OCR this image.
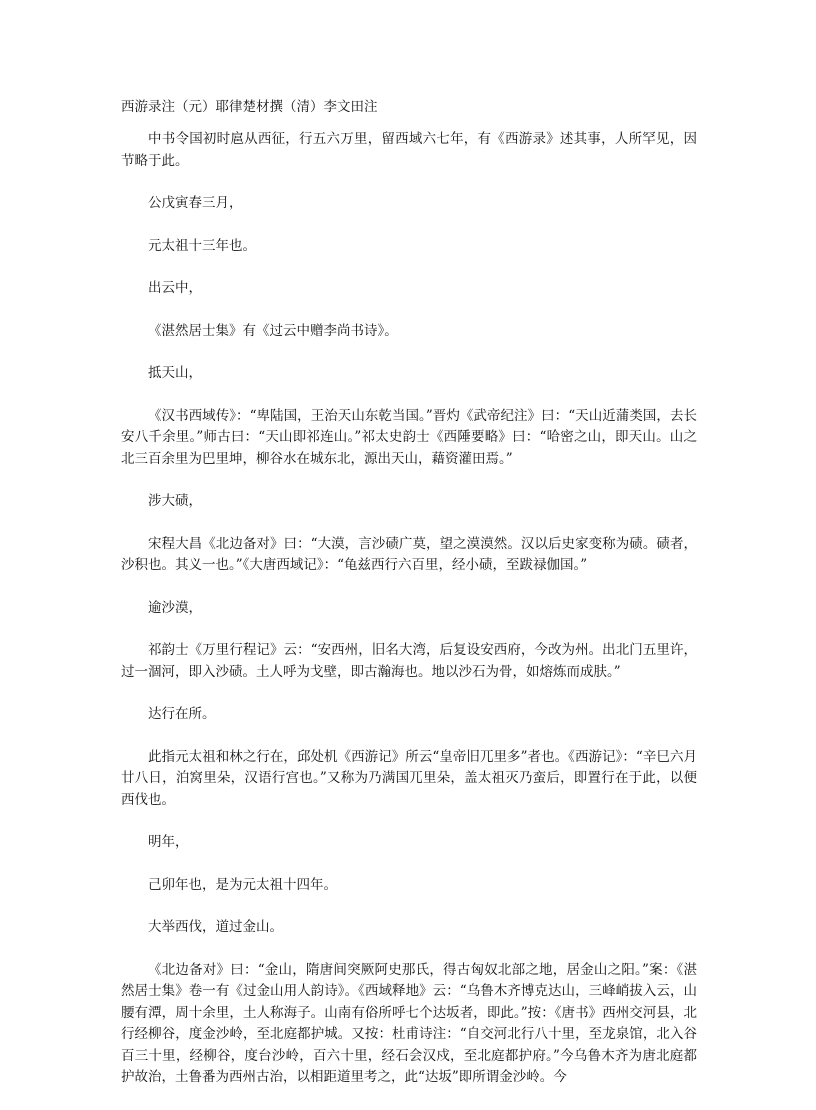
西游录注（元）耶律楚材撰（清）李文田注

中书令国初时扈从西征，行五六万里，留西域六七年，有《西游录》述其事，人所罕见，因节略于此。

公戊寅春三月，

元太祖十三年也。

出云中，

《湛然居士集》有《过云中赠李尚书诗》。

抵天山，

《汉书西域传》：“卑陆国，王治天山东乾当国。”晋灼《武帝纪注》曰：“天山近蒲类国，去长安八千余里。”师古曰：“天山即祁连山。”祁太史韵士《西陲要略》曰：“哈密之山，即天山。山之北三百余里为巴里坤，柳谷水在城东北，源出天山，藉资灌田焉。”

涉大碛，

宋程大昌《北边备对》曰：“大漠，言沙碛广莫，望之漠漠然。汉以后史家变称为碛。碛者，沙积也。其义一也。”《大唐西域记》：“龟兹西行六百里，经小碛，至跋禄伽国。”

逾沙漠，

祁韵士《万里行程记》云：“安西州，旧名大湾，后复设安西府，今改为州。出北门五里许，过一涸河，即入沙碛。土人呼为戈壁，即古瀚海也。地以沙石为骨，如熔炼而成肤。”

达行在所。

此指元太祖和林之行在，邱处机《西游记》所云“皇帝旧兀里多”者也。《西游记》：“辛巳六月廿八日，泊窝里朵，汉语行宫也。”又称为乃满国兀里朵，盖太祖灭乃蛮后，即置行在于此，以便西伐也。

明年，

己卯年也，是为元太祖十四年。

大举西伐，道过金山。

《北边备对》曰：“金山，隋唐间突厥阿史那氏，得古匈奴北部之地，居金山之阳。”案：《湛然居士集》卷一有《过金山用人韵诗》。《西域释地》云：“乌鲁木齐博克达山，三峰峭拔入云，山腰有潭，周十余里，土人称海子。山南有俗所呼七个达坂者，即此。”按：《唐书》西州交河县，北行经柳谷，度金沙岭，至北庭都护城。又按：杜甫诗注：“自交河北行八十里，至龙泉馆，北入谷百三十里，经柳谷，度台沙岭，百六十里，经石会汉戍，至北庭都护府。”今乌鲁木齐为唐北庭都护故治，土鲁番为西州古治，以相距道里考之，此“达坂”即所谓金沙岭。今
